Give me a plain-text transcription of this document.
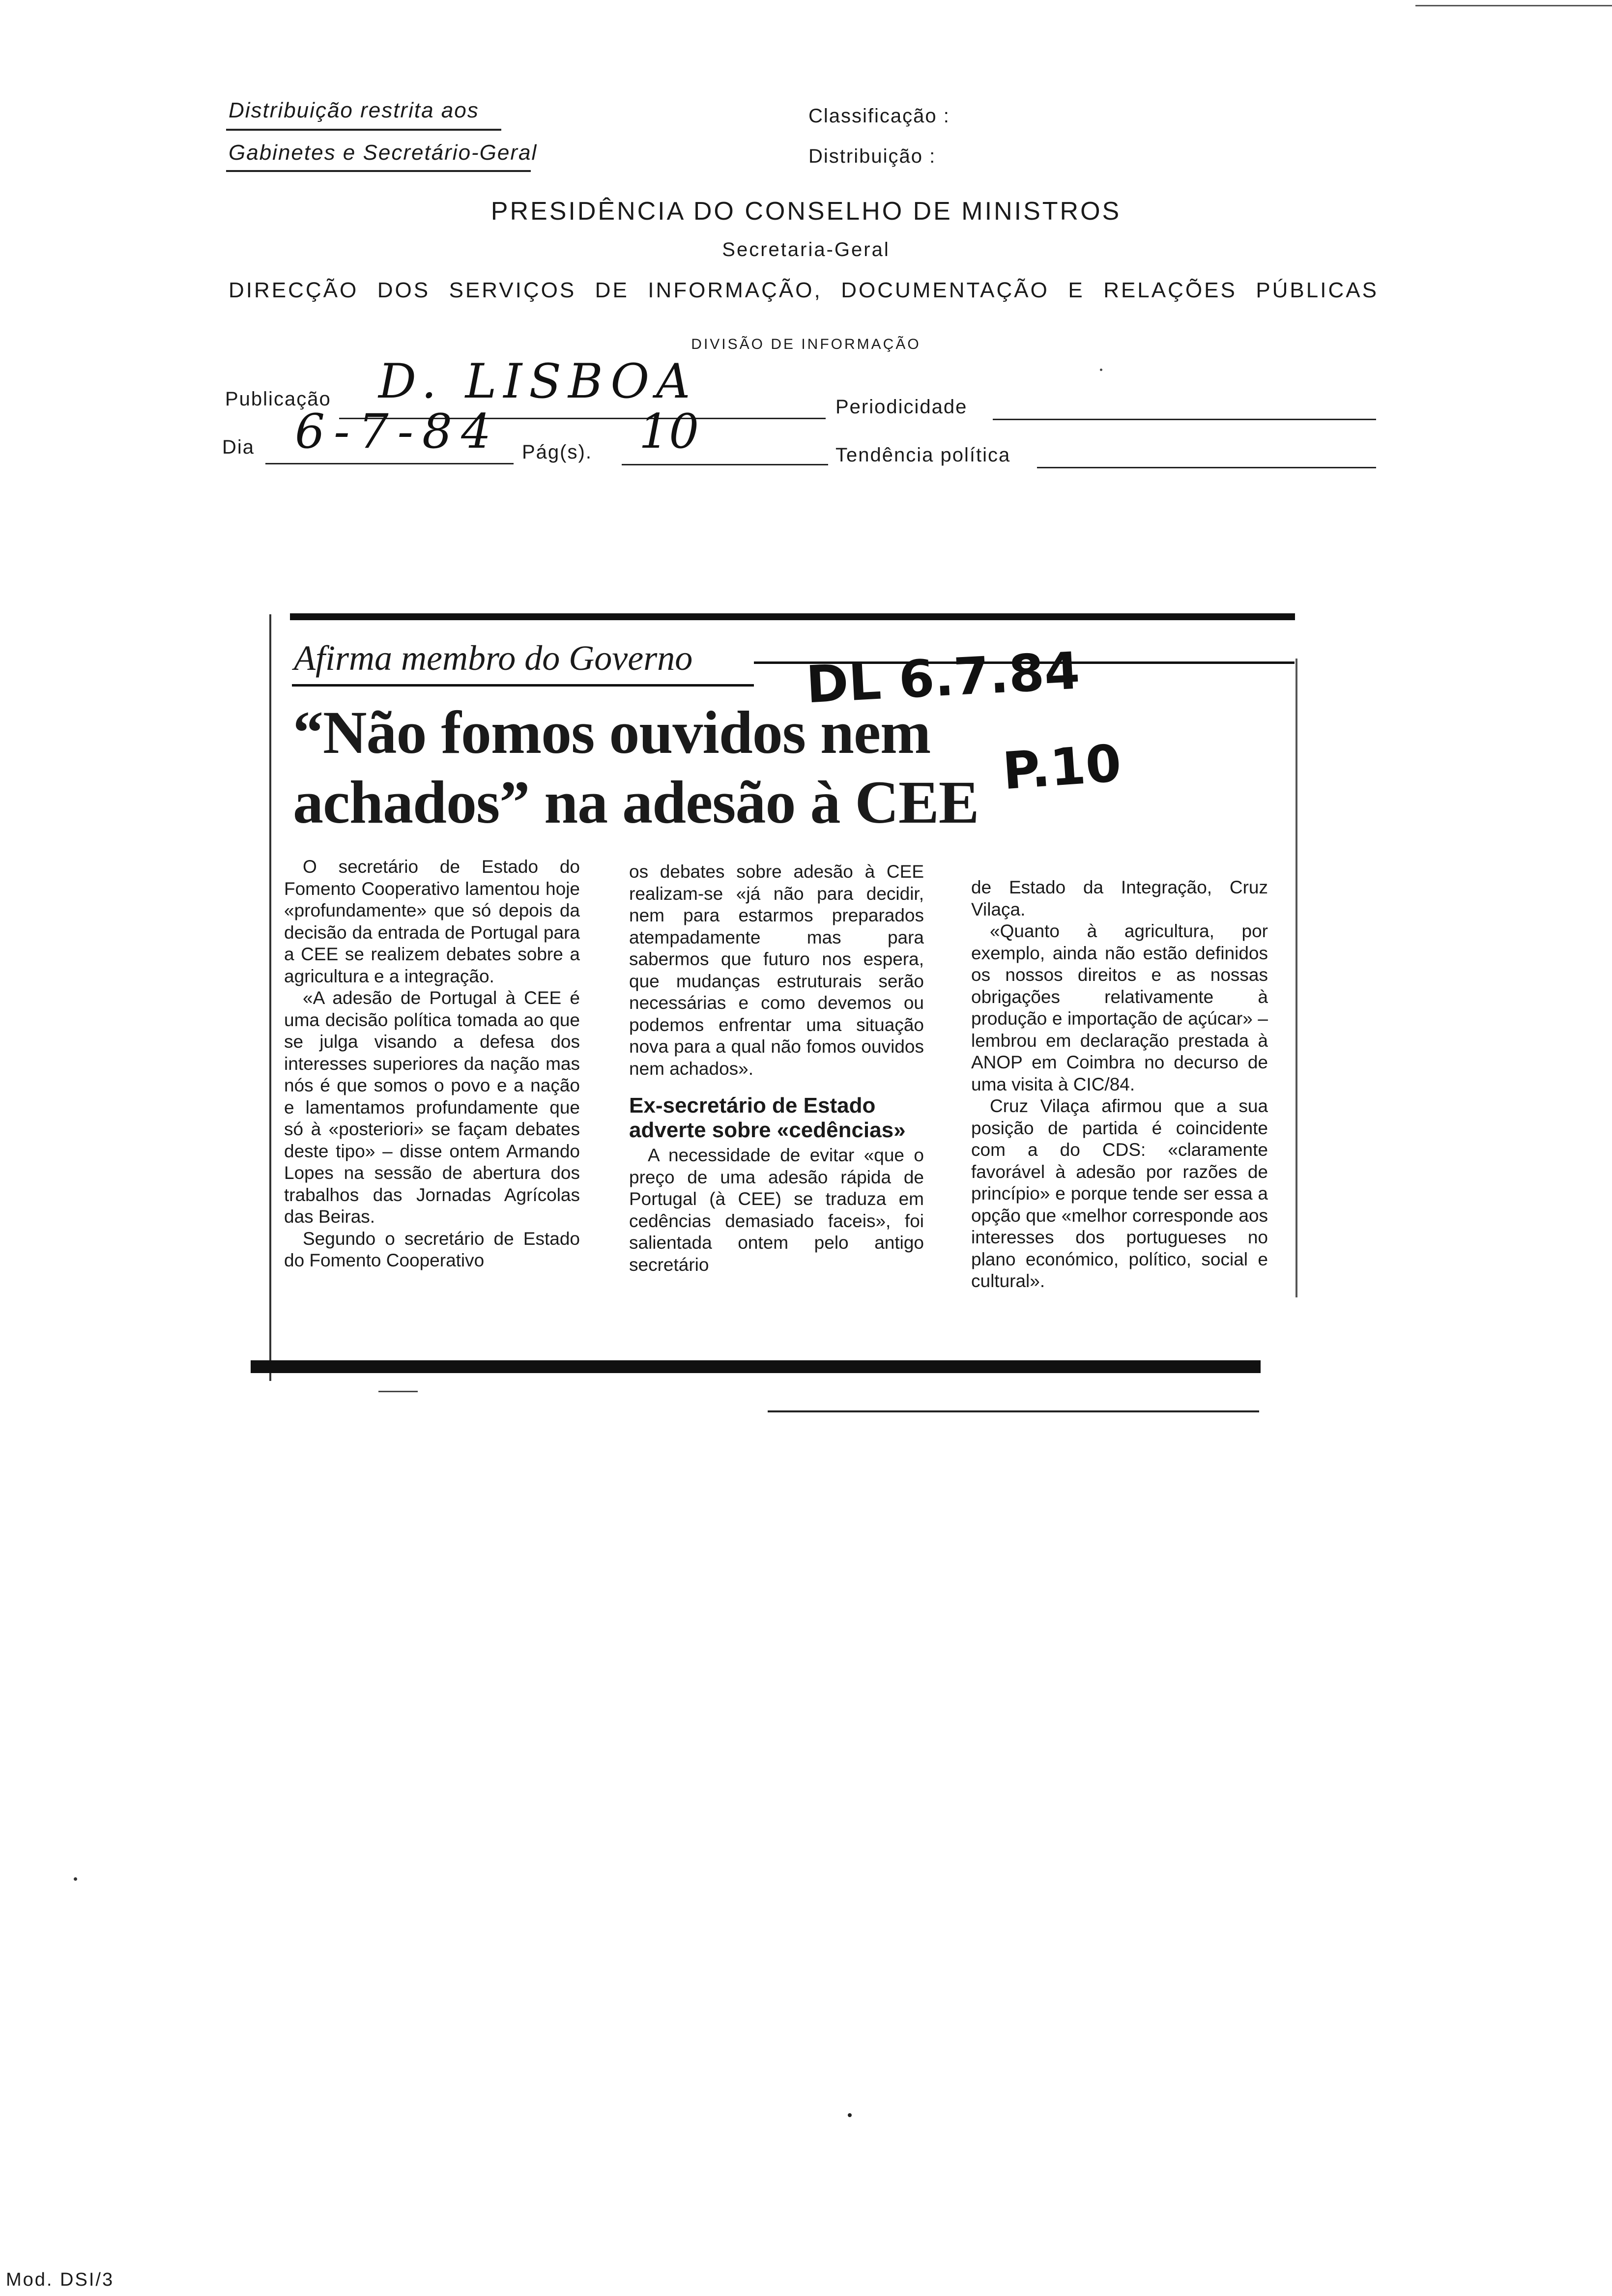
Distribuição restrita aos
Gabinetes e Secretário-Geral
Classificação :
Distribuição :
PRESIDÊNCIA DO CONSELHO DE MINISTROS
Secretaria-Geral
DIRECÇÃO DOS SERVIÇOS DE INFORMAÇÃO, DOCUMENTAÇÃO E RELAÇÕES PÚBLICAS
DIVISÃO DE INFORMAÇÃO
Publicação D. LISBOA	Periodicidade
Dia 6-7-84 Pág(s). 10	Tendência política
Afirma membro do Governo
“Não fomos ouvidos nem achados” na adesão à CEE
DL 6.7.84
P.10

O secretário de Estado do Fomento Cooperativo lamentou hoje «profundamente» que só depois da decisão da entrada de Portugal para a CEE se realizem debates sobre a agricultura e a integração.

«A adesão de Portugal à CEE é uma decisão política tomada ao que se julga visando a defesa dos interesses superiores da nação mas nós é que somos o povo e a nação e lamentamos profundamente que só à «posteriori» se façam debates deste tipo» – disse ontem Armando Lopes na sessão de abertura dos trabalhos das Jornadas Agrícolas das Beiras.

Segundo o secretário de Estado do Fomento Cooperativo

os debates sobre adesão à CEE realizam-se «já não para decidir, nem para estarmos preparados atempadamente mas para sabermos que futuro nos espera, que mudanças estruturais serão necessárias e como devemos ou podemos enfrentar uma situação nova para a qual não fomos ouvidos nem achados».

Ex-secretário de Estado adverte sobre «cedências»

A necessidade de evitar «que o preço de uma adesão rápida de Portugal (à CEE) se traduza em cedências demasiado faceis», foi salientada ontem pelo antigo secretário

de Estado da Integração, Cruz Vilaça.

«Quanto à agricultura, por exemplo, ainda não estão definidos os nossos direitos e as nossas obrigações relativamente à produção e importação de açúcar» – lembrou em declaração prestada à ANOP em Coimbra no decurso de uma visita à CIC/84.

Cruz Vilaça afirmou que a sua posição de partida é coincidente com a do CDS: «claramente favorável à adesão por razões de princípio» e porque tende ser essa a opção que «melhor corresponde aos interesses dos portugueses no plano económico, político, social e cultural».

Mod. DSI/3
